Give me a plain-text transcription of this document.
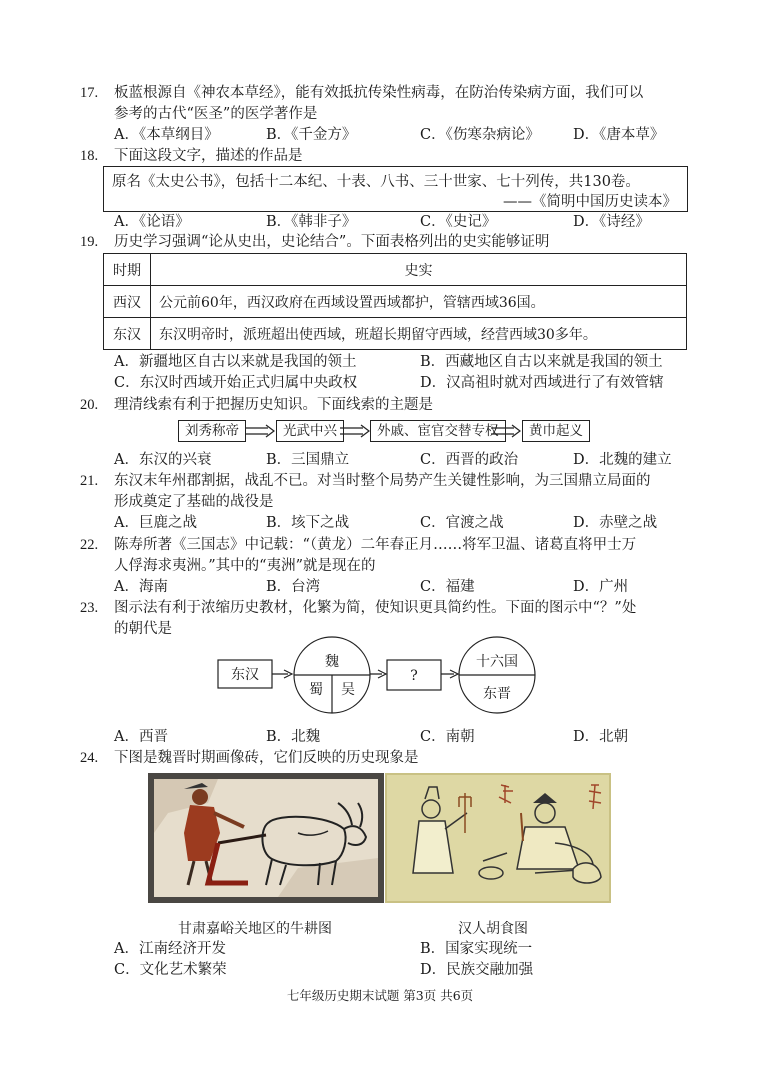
17. 板蓝根源自《神农本草经》，能有效抵抗传染性病毒，在防治传染病方面，我们可以
参考的古代“医圣”的医学著作是
A．《本草纲目》	B．《千金方》	C．《伤寒杂病论》 D．《唐本草》
18. 下面这段文字，描述的作品是
原名《太史公书》，包括十二本纪、十表、八书、三十世家、七十列传，共130卷。
——《简明中国历史读本》
A．《论语》	B．《韩非子》	C．《史记》	D．《诗经》
19. 历史学习强调“论从史出，史论结合”。下面表格列出的史实能够证明
时期	史实
西汉	公元前60年，西汉政府在西域设置西域都护，管辖西域36国。
东汉	东汉明帝时，派班超出使西域，班超长期留守西域，经营西域30多年。
A．新疆地区自古以来就是我国的领土	B．西藏地区自古以来就是我国的领土
C．东汉时西域开始正式归属中央政权	D．汉高祖时就对西域进行了有效管辖
20. 理清线索有利于把握历史知识。下面线索的主题是
刘秀称帝	光武中兴	外戚、宦官交替专权	黄巾起义
A．东汉的兴衰	B．三国鼎立	C．西晋的政治	D．北魏的建立
21. 东汉末年州郡割据，战乱不已。对当时整个局势产生关键性影响，为三国鼎立局面的
形成奠定了基础的战役是
A．巨鹿之战	B．垓下之战	C．官渡之战	D．赤壁之战
22. 陈寿所著《三国志》中记载：“（黄龙）二年春正月……将军卫温、诸葛直将甲士万
人俘海求夷洲。”其中的“夷洲”就是现在的
A．海南	B．台湾	C．福建	D．广州
23. 图示法有利于浓缩历史教材，化繁为简，使知识更具简约性。下面的图示中“？”处
的朝代是
东汉
魏
蜀 吴
?
十六国
东晋
A．西晋	B．北魏	C．南朝	D．北朝
24. 下图是魏晋时期画像砖，它们反映的历史现象是
甘肃嘉峪关地区的牛耕图	汉人胡食图
A．江南经济开发	B．国家实现统一
C．文化艺术繁荣	D．民族交融加强
七年级历史期末试题 第3页 共6页
